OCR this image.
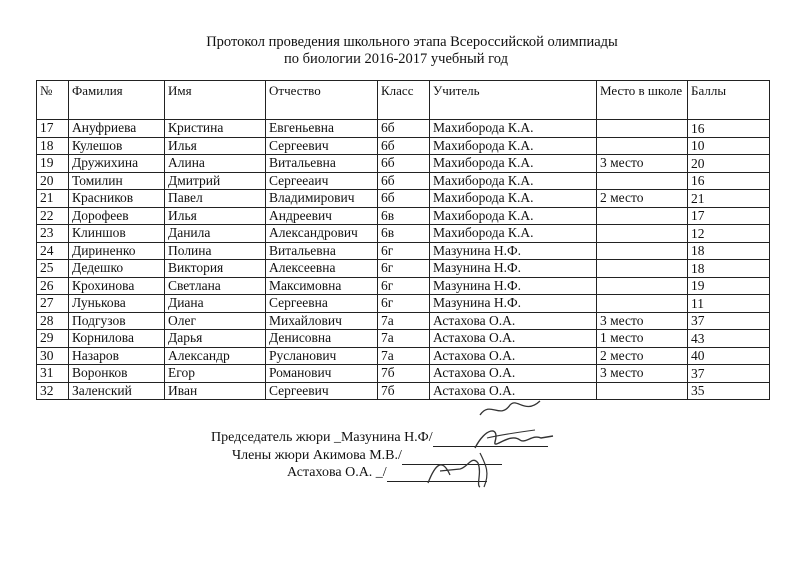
Протокол проведения школьного этапа Всероссийской олимпиады
по биологии 2016-2017 учебный год
№	Фамилия	Имя	Отчество	Класс	Учитель	Место в школе	Баллы
17	Ануфриева	Кристина	Евгеньевна	6б	Махиборода К.А.		16
18	Кулешов	Илья	Сергеевич	6б	Махиборода К.А.		10
19	Дружихина	Алина	Витальевна	6б	Махиборода К.А.	3 место	20
20	Томилин	Дмитрий	Сергееаич	6б	Махиборода К.А.		16
21	Красников	Павел	Владимирович	6б	Махиборода К.А.	2 место	21
22	Дорофеев	Илья	Андреевич	6в	Махиборода К.А.		17
23	Клиншов	Данила	Александрович	6в	Махиборода К.А.		12
24	Дириненко	Полина	Витальевна	6г	Мазунина Н.Ф.		18
25	Дедешко	Виктория	Алексеевна	6г	Мазунина Н.Ф.		18
26	Крохинова	Светлана	Максимовна	6г	Мазунина Н.Ф.		19
27	Лунькова	Диана	Сергеевна	6г	Мазунина Н.Ф.		11
28	Подгузов	Олег	Михайлович	7а	Астахова О.А.	3 место	37
29	Корнилова	Дарья	Денисовна	7а	Астахова О.А.	1 место	43
30	Назаров	Александр	Русланович	7а	Астахова О.А.	2 место	40
31	Воронков	Егор	Романович	7б	Астахова О.А.	3 место	37
32	Заленский	Иван	Сергеевич	7б	Астахова О.А.		35
Председатель жюри _Мазунина Н.Ф/
Члены жюри Акимова М.В./
Астахова О.А. _/
